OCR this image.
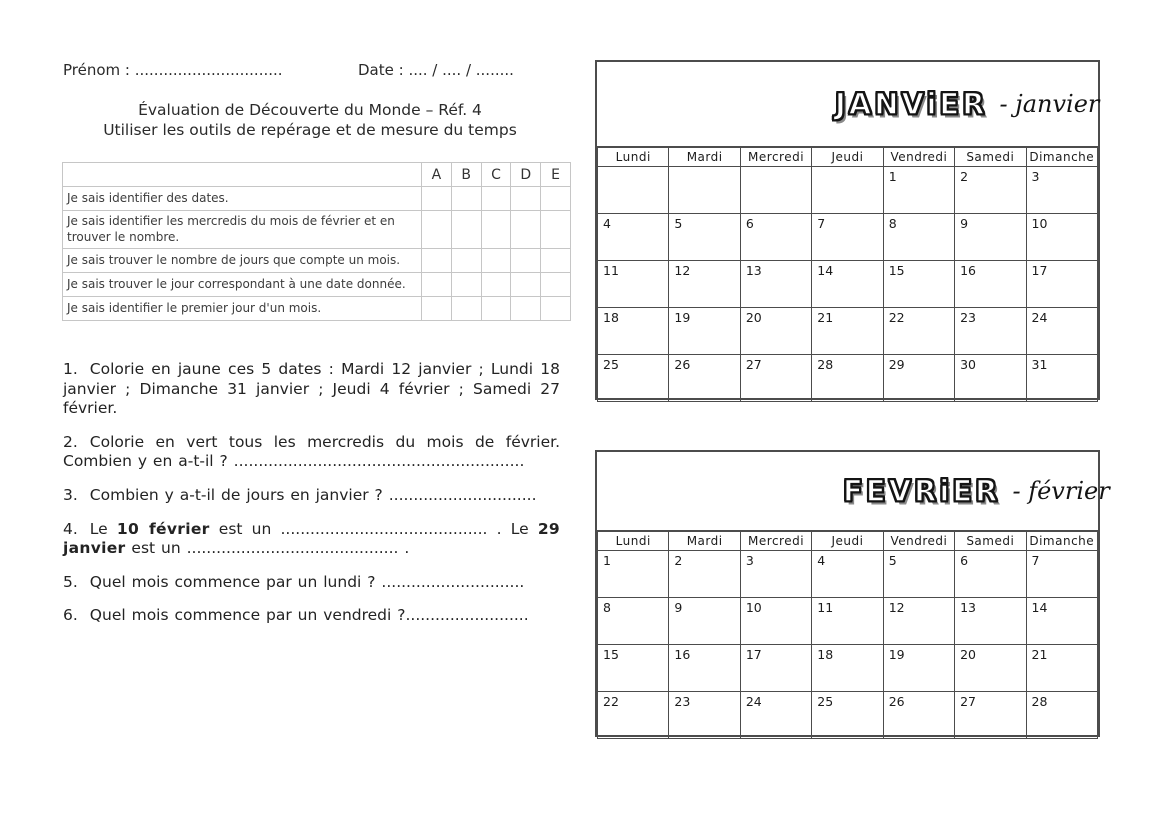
Prénom : ...............................	Date : .... / .... / ........
Évaluation de Découverte du Monde – Réf. 4
Utiliser les outils de repérage et de mesure du temps
	A	B	C	D	E
Je sais identifier des dates.					
Je sais identifier les mercredis du mois de février et en trouver le nombre.					
Je sais trouver le nombre de jours que compte un mois.					
Je sais trouver le jour correspondant à une date donnée.					
Je sais identifier le premier jour d'un mois.					

1. Colorie en jaune ces 5 dates : Mardi 12 janvier ; Lundi 18 janvier ; Dimanche 31 janvier ; Jeudi 4 février ; Samedi 27 février.

2. Colorie en vert tous les mercredis du mois de février. Combien y en a-t-il ? ...........................................................

3. Combien y a-t-il de jours en janvier ? ..............................

4. Le 10 février est un .......................................... . Le 29 janvier est un ........................................... .

5. Quel mois commence par un lundi ? .............................

6. Quel mois commence par un vendredi ?.........................

JANViER - janvier
Lundi	Mardi	Mercredi	Jeudi	Vendredi	Samedi	Dimanche
				1	2	3
4	5	6	7	8	9	10
11	12	13	14	15	16	17
18	19	20	21	22	23	24
25	26	27	28	29	30	31
FEVRiER - février
Lundi	Mardi	Mercredi	Jeudi	Vendredi	Samedi	Dimanche
1	2	3	4	5	6	7
8	9	10	11	12	13	14
15	16	17	18	19	20	21
22	23	24	25	26	27	28
